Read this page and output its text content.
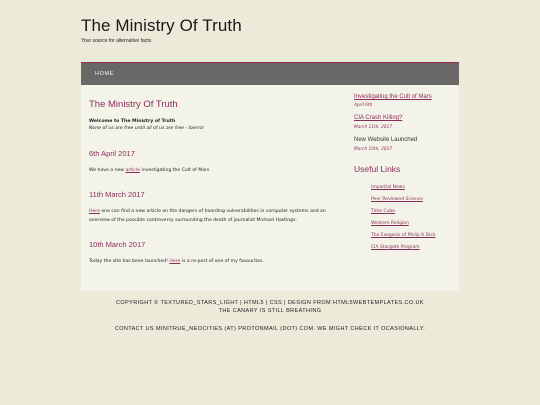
The Ministry Of Truth
Your source for alternative facts
HOME
The Ministry Of Truth
Welcome to The Ministry of Truth
None of us are free until all of us are free - Ioerror
6th April 2017
We have a new article investigating the Cult of Mars
11th March 2017
Here one can find a new article on the dangers of hoarding vulnerabilities in computer systems and an overview of the possible controversy surrounding the death of journalist Michael Hastings.
10th March 2017
Today the site has been launched! Here is a re-post of one of my favourites.
Investigating the Cult of Mars
April 6th
CIA Crash Killing?
March 11th, 2017
New Website Launched
March 10th, 2017
Useful Links
Impartial News
Peer Reviewed Science
Time Cube
Western Religion
The Exegesis of Philip K Dick
CIA Stargate Program
COPYRIGHT © TEXTURED_STARS_LIGHT | HTML5 | CSS | DESIGN FROM HTML5WEBTEMPLATES.CO.UK
THE CANARY IS STILL BREATHING
CONTACT US MINITRUE_NEOCITIES (AT) PROTONMAIL (DOT) COM. WE MIGHT CHECK IT OCASIONALLY.
